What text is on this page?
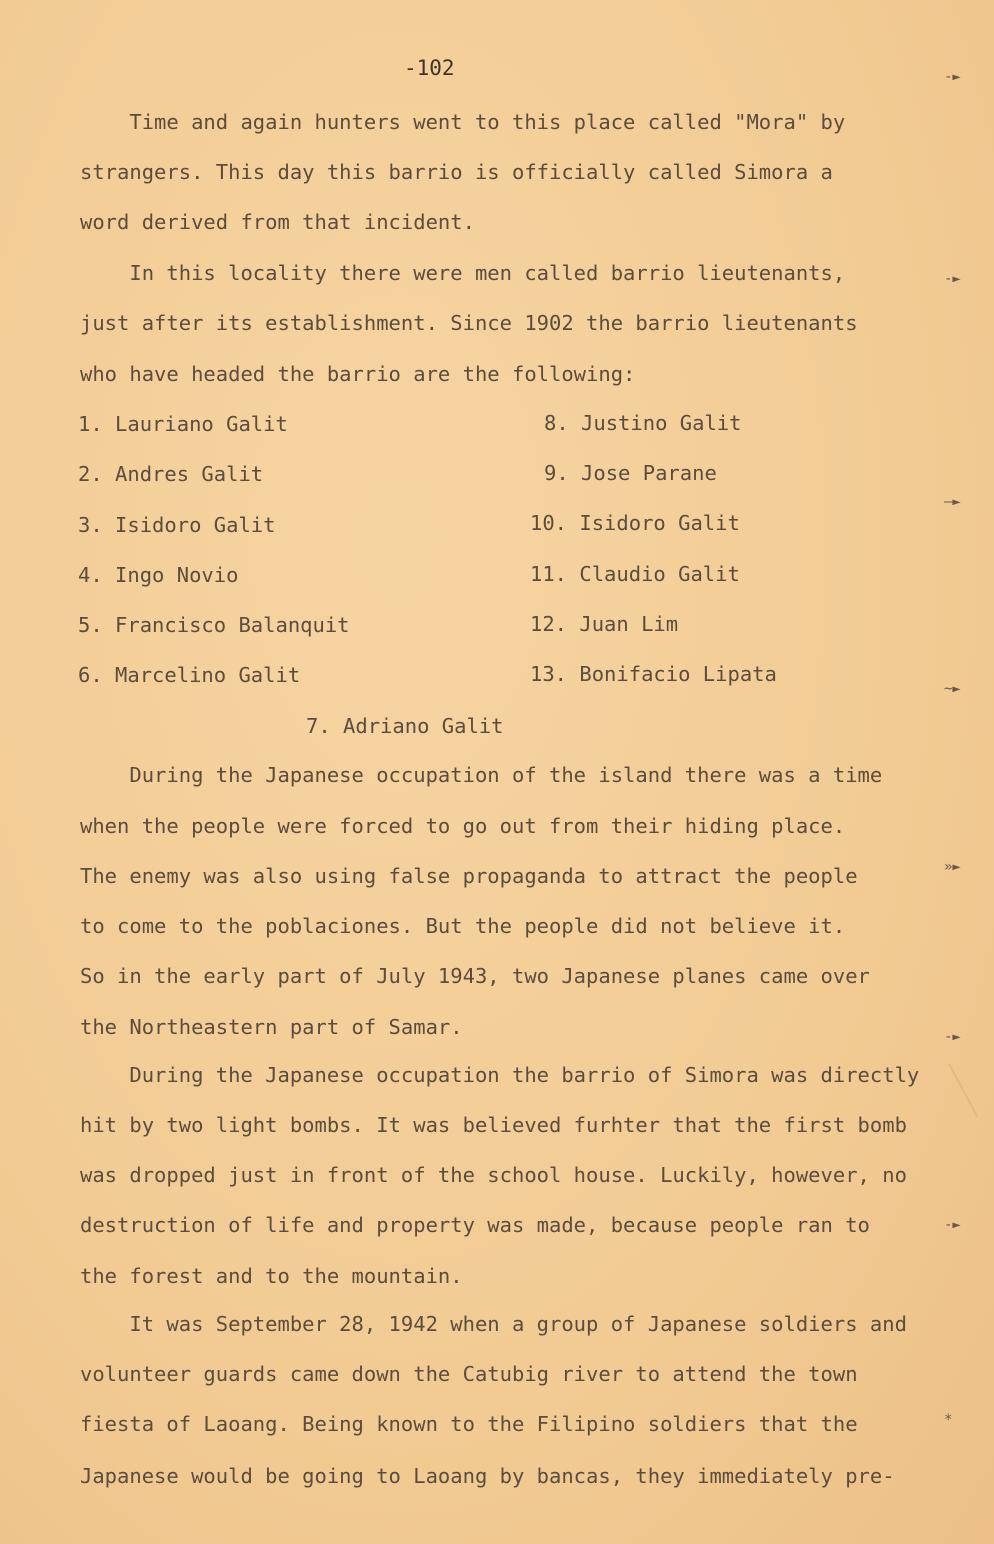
-102
Time and again hunters went to this place called "Mora" by
strangers. This day this barrio is officially called Simora a
word derived from that incident.
In this locality there were men called barrio lieutenants,
just after its establishment. Since 1902 the barrio lieutenants
who have headed the barrio are the following:
1. Lauriano Galit
2. Andres Galit
3. Isidoro Galit
4. Ingo Novio
5. Francisco Balanquit
6. Marcelino Galit
8. Justino Galit
9. Jose Parane
10. Isidoro Galit
11. Claudio Galit
12. Juan Lim
13. Bonifacio Lipata
7. Adriano Galit
During the Japanese occupation of the island there was a time
when the people were forced to go out from their hiding place.
The enemy was also using false propaganda to attract the people
to come to the poblaciones. But the people did not believe it.
So in the early part of July 1943, two Japanese planes came over
the Northeastern part of Samar.
During the Japanese occupation the barrio of Simora was directly
hit by two light bombs. It was believed furhter that the first bomb
was dropped just in front of the school house. Luckily, however, no
destruction of life and property was made, because people ran to
the forest and to the mountain.
It was September 28, 1942 when a group of Japanese soldiers and
volunteer guards came down the Catubig river to attend the town
fiesta of Laoang. Being known to the Filipino soldiers that the
Japanese would be going to Laoang by bancas, they immediately pre-
-►
-►
—►
~►
»►
-►
-►
*
